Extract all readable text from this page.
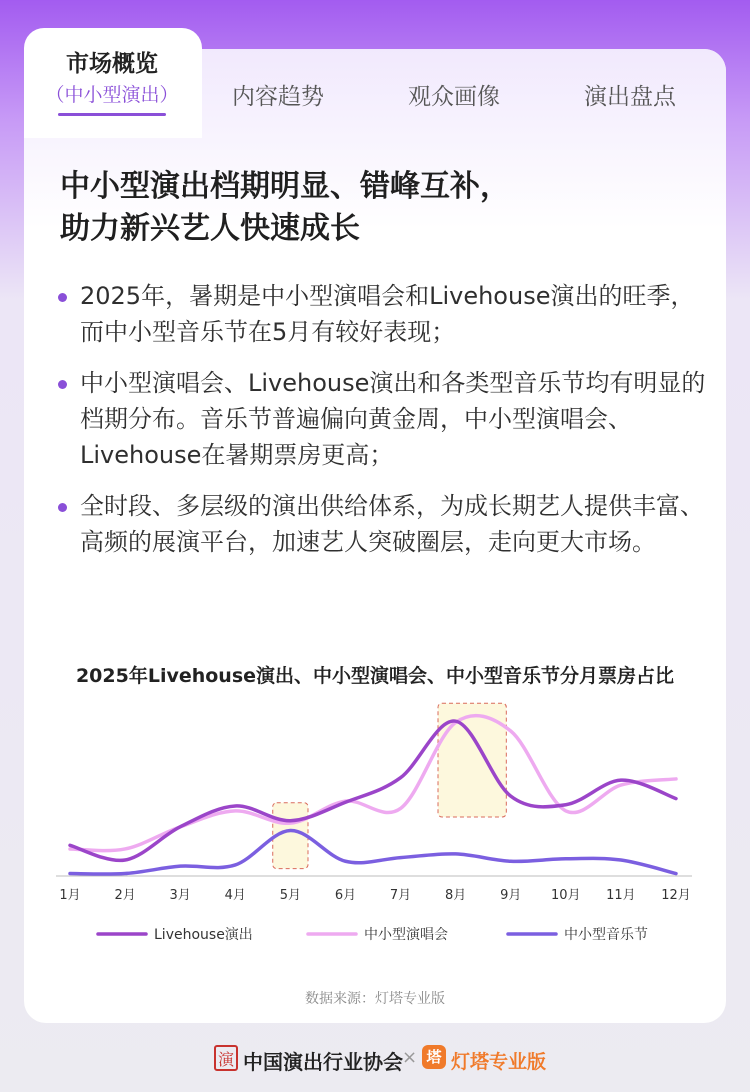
市场概览
（中小型演出）	内容趋势	观众画像	演出盘点
中小型演出档期明显、错峰互补，
助力新兴艺人快速成长
2025年，暑期是中小型演唱会和Livehouse演出的旺季，而中小型音乐节在5月有较好表现；
中小型演唱会、Livehouse演出和各类型音乐节均有明显的档期分布。音乐节普遍偏向黄金周，中小型演唱会、Livehouse在暑期票房更高；
全时段、多层级的演出供给体系，为成长期艺人提供丰富、高频的展演平台，加速艺人突破圈层，走向更大市场。
2025年Livehouse演出、中小型演唱会、中小型音乐节分月票房占比
1月	2月	3月	4月	5月	6月	7月	8月	9月 10月 11月 12月
Livehouse演出	中小型演唱会	中小型音乐节
数据来源：灯塔专业版
演 中国演出行业协会 × 塔 灯塔专业版
